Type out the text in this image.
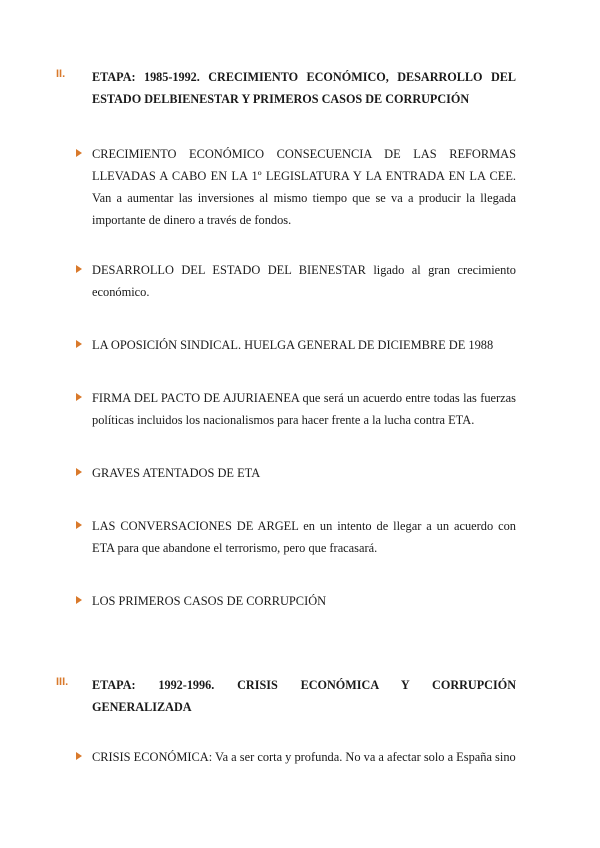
II. ETAPA: 1985-1992. CRECIMIENTO ECONÓMICO, DESARROLLO DEL
ESTADO DELBIENESTAR Y PRIMEROS CASOS DE CORRUPCIÓN
CRECIMIENTO ECONÓMICO CONSECUENCIA DE LAS REFORMAS LLEVADAS A CABO EN LA 1º LEGISLATURA Y LA ENTRADA EN LA CEE. Van a aumentar las inversiones al mismo tiempo que se va a producir la llegada importante de dinero a través de fondos.
DESARROLLO DEL ESTADO DEL BIENESTAR ligado al gran crecimiento económico.
LA OPOSICIÓN SINDICAL. HUELGA GENERAL DE DICIEMBRE DE 1988
FIRMA DEL PACTO DE AJURIAENEA que será un acuerdo entre todas las fuerzas políticas incluidos los nacionalismos para hacer frente a la lucha contra ETA.
GRAVES ATENTADOS DE ETA
LAS CONVERSACIONES DE ARGEL en un intento de llegar a un acuerdo con ETA para que abandone el terrorismo, pero que fracasará.
LOS PRIMEROS CASOS DE CORRUPCIÓN
III. ETAPA: 1992-1996. CRISIS ECONÓMICA Y CORRUPCIÓN
GENERALIZADA
CRISIS ECONÓMICA: Va a ser corta y profunda. No va a afectar solo a España sino
